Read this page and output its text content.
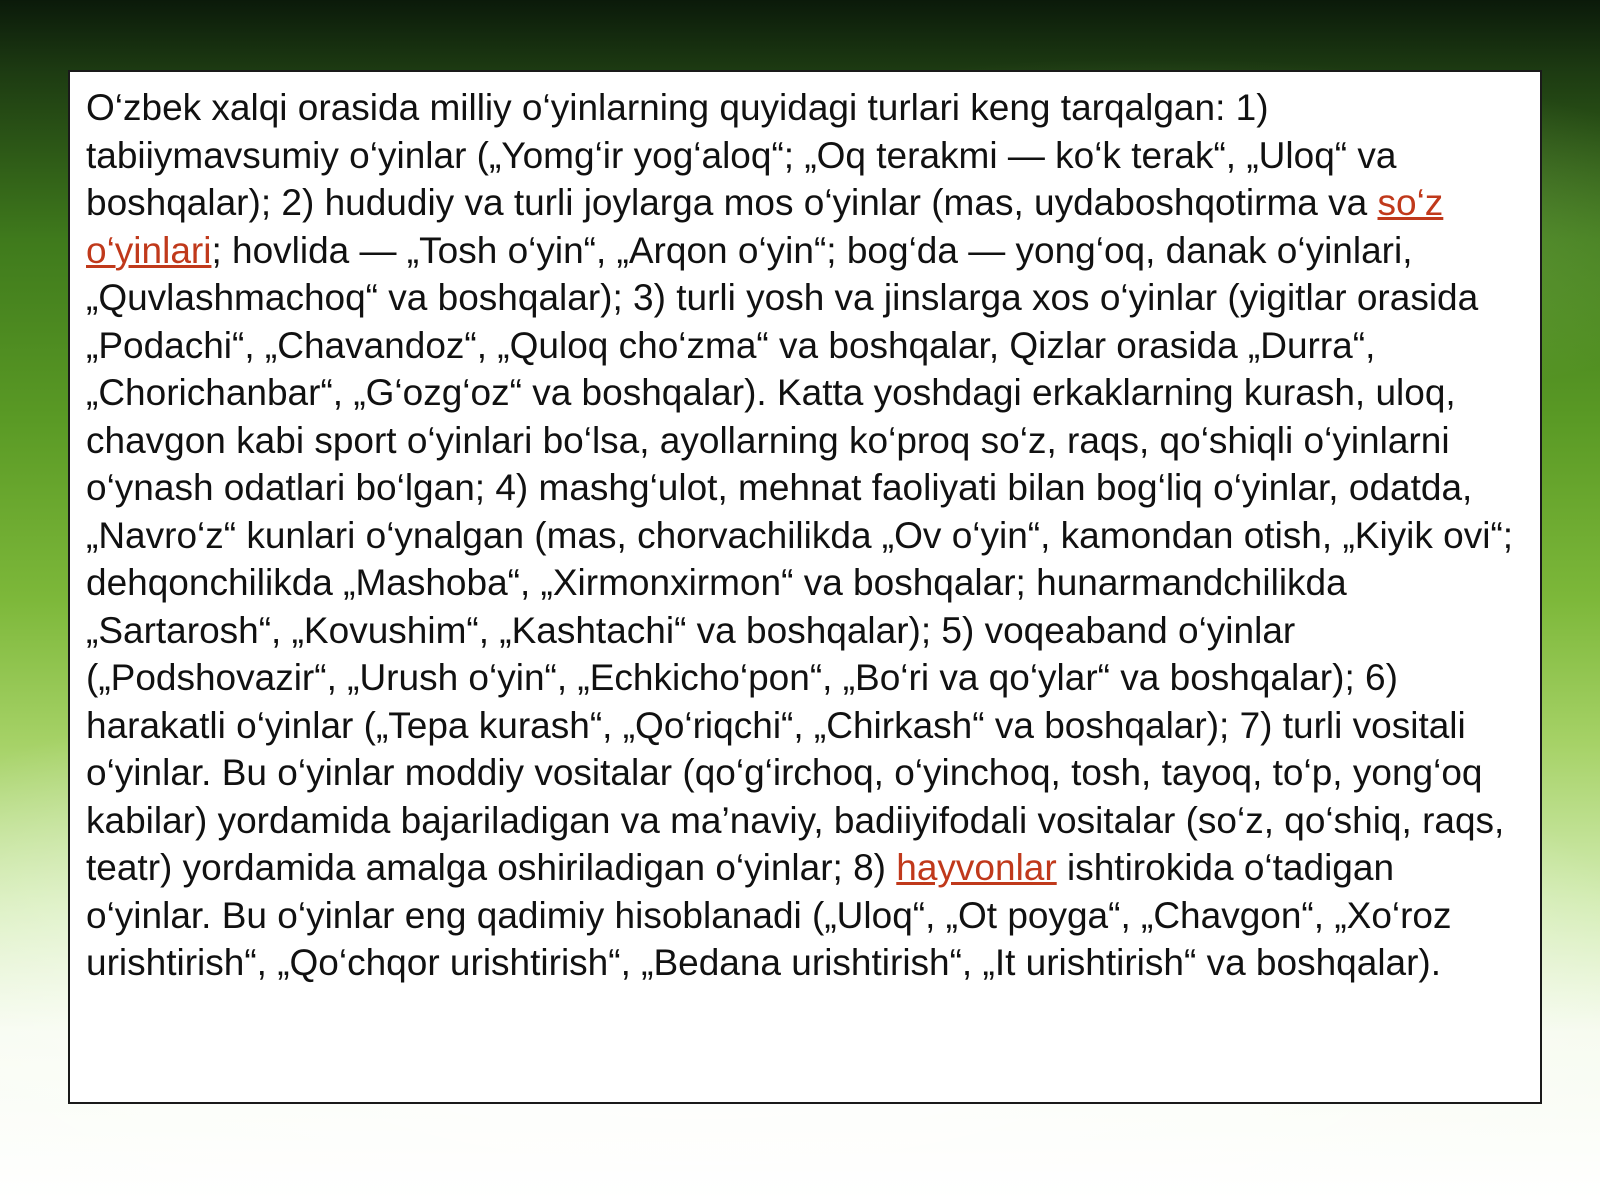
O‘zbek xalqi orasida milliy o‘yinlarning quyidagi turlari keng tarqalgan: 1) tabiiymavsumiy o‘yinlar („Yomg‘ir yog‘aloq“; „Oq terakmi — ko‘k terak“, „Uloq“ va boshqalar); 2) hududiy va turli joylarga mos o‘yinlar (mas, uydaboshqotirma va so‘z o‘yinlari; hovlida — „Tosh o‘yin“, „Arqon o‘yin“; bog‘da — yong‘oq, danak o‘yinlari, „Quvlashmachoq“ va boshqalar); 3) turli yosh va jinslarga xos o‘yinlar (yigitlar orasida „Podachi“, „Chavandoz“, „Quloq cho‘zma“ va boshqalar, Qizlar orasida „Durra“, „Chorichanbar“, „G‘ozg‘oz“ va boshqalar). Katta yoshdagi erkaklarning kurash, uloq, chavgon kabi sport o‘yinlari bo‘lsa, ayollarning ko‘proq so‘z, raqs, qo‘shiqli o‘yinlarni o‘ynash odatlari bo‘lgan; 4) mashg‘ulot, mehnat faoliyati bilan bog‘liq o‘yinlar, odatda, „Navro‘z“ kunlari o‘ynalgan (mas, chorvachilikda „Ov o‘yin“, kamondan otish, „Kiyik ovi“; dehqonchilikda „Mashoba“, „Xirmonxirmon“ va boshqalar; hunarmandchilikda „Sartarosh“, „Kovushim“, „Kashtachi“ va boshqalar); 5) voqeaband o‘yinlar („Podshovazir“, „Urush o‘yin“, „Echkicho‘pon“, „Bo‘ri va qo‘ylar“ va boshqalar); 6) harakatli o‘yinlar („Tepa kurash“, „Qo‘riqchi“, „Chirkash“ va boshqalar); 7) turli vositali o‘yinlar. Bu o‘yinlar moddiy vositalar (qo‘g‘irchoq, o‘yinchoq, tosh, tayoq, to‘p, yong‘oq kabilar) yordamida bajariladigan va ma’naviy, badiiyifodali vositalar (so‘z, qo‘shiq, raqs, teatr) yordamida amalga oshiriladigan o‘yinlar; 8) hayvonlar ishtirokida o‘tadigan o‘yinlar. Bu o‘yinlar eng qadimiy hisoblanadi („Uloq“, „Ot poyga“, „Chavgon“, „Xo‘roz urishtirish“, „Qo‘chqor urishtirish“, „Bedana urishtirish“, „It urishtirish“ va boshqalar).
